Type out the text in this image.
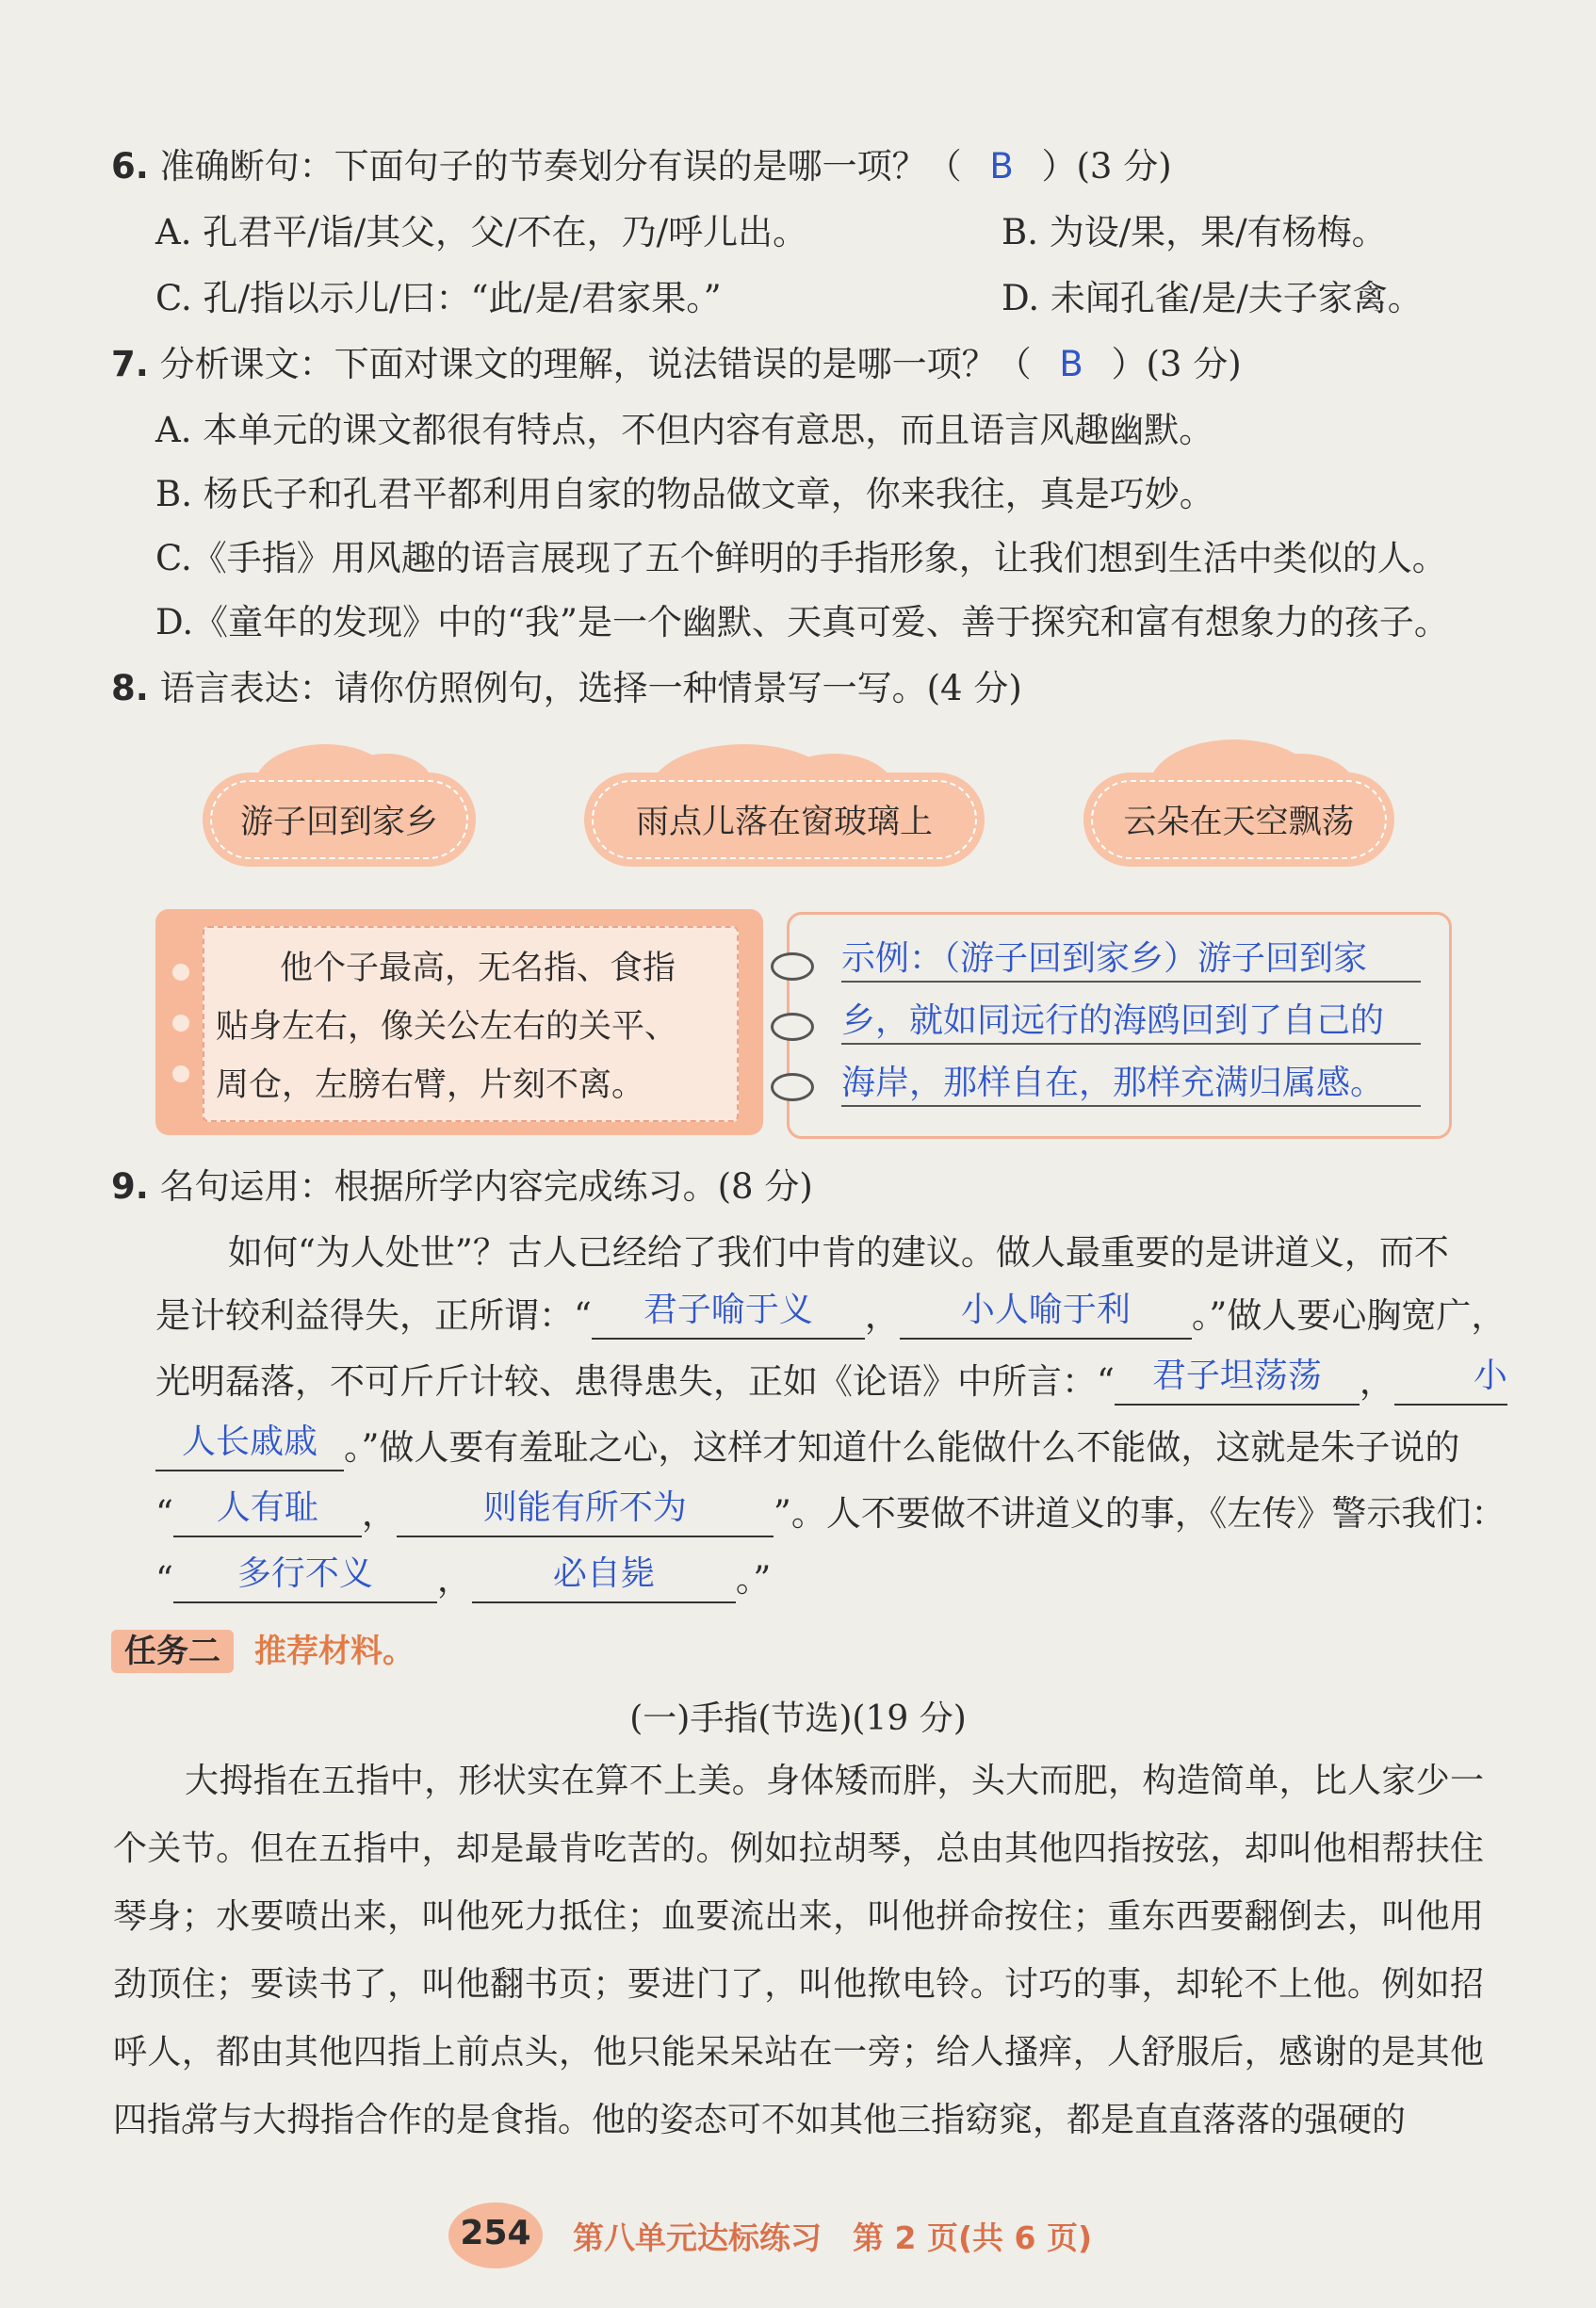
6. 准确断句：下面句子的节奏划分有误的是哪一项？（ B ）(3 分)
A. 孔君平/诣/其父，父/不在，乃/呼儿出。	B. 为设/果，果/有杨梅。
C. 孔/指以示儿/曰：“此/是/君家果。”	D. 未闻孔雀/是/夫子家禽。
7. 分析课文：下面对课文的理解，说法错误的是哪一项？（ B ）(3 分)
A. 本单元的课文都很有特点，不但内容有意思，而且语言风趣幽默。
B. 杨氏子和孔君平都利用自家的物品做文章，你来我往，真是巧妙。
C.《手指》用风趣的语言展现了五个鲜明的手指形象，让我们想到生活中类似的人。
D.《童年的发现》中的“我”是一个幽默、天真可爱、善于探究和富有想象力的孩子。
8. 语言表达：请你仿照例句，选择一种情景写一写。(4 分)
游子回到家乡	雨点儿落在窗玻璃上	云朵在天空飘荡
他个子最高，无名指、食指
贴身左右，像关公左右的关平、
周仓，左膀右臂，片刻不离。
示例：（游子回到家乡）游子回到家
乡，就如同远行的海鸥回到了自己的
海岸，那样自在，那样充满归属感。
9. 名句运用：根据所学内容完成练习。(8 分)
如何“为人处世”？古人已经给了我们中肯的建议。做人最重要的是讲道义，而不
是计较利益得失，正所谓：“	君子喻于义	，	小人喻于利	。”做人要心胸宽广，
光明磊落，不可斤斤计较、患得患失，正如《论语》中所言：“	君子坦荡荡	，	小
人长戚戚 。”做人要有羞耻之心，这样才知道什么能做什么不能做，这就是朱子说的
“	人有耻	，	则能有所不为	”。人不要做不讲道义的事，《左传》警示我们：
“	多行不义	，	必自毙	。”
任务二	推荐材料。
(一)手指(节选)(19 分)
大拇指在五指中，形状实在算不上美。身体矮而胖，头大而肥，构造简单，比人家少一个关节。但在五指中，却是最肯吃苦的。例如拉胡琴，总由其他四指按弦，却叫他相帮扶住琴身；水要喷出来，叫他死力抵住；血要流出来，叫他拼命按住；重东西要翻倒去，叫他用劲顶住；要读书了，叫他翻书页；要进门了，叫他揿电铃。讨巧的事，却轮不上他。例如招呼人，都由其他四指上前点头，他只能呆呆站在一旁；给人搔痒，人舒服后，感谢的是其他四指。
常与大拇指合作的是食指。他的姿态可不如其他三指窈窕，都是直直落落的强硬的
254	第八单元达标练习　第 2 页(共 6 页)
